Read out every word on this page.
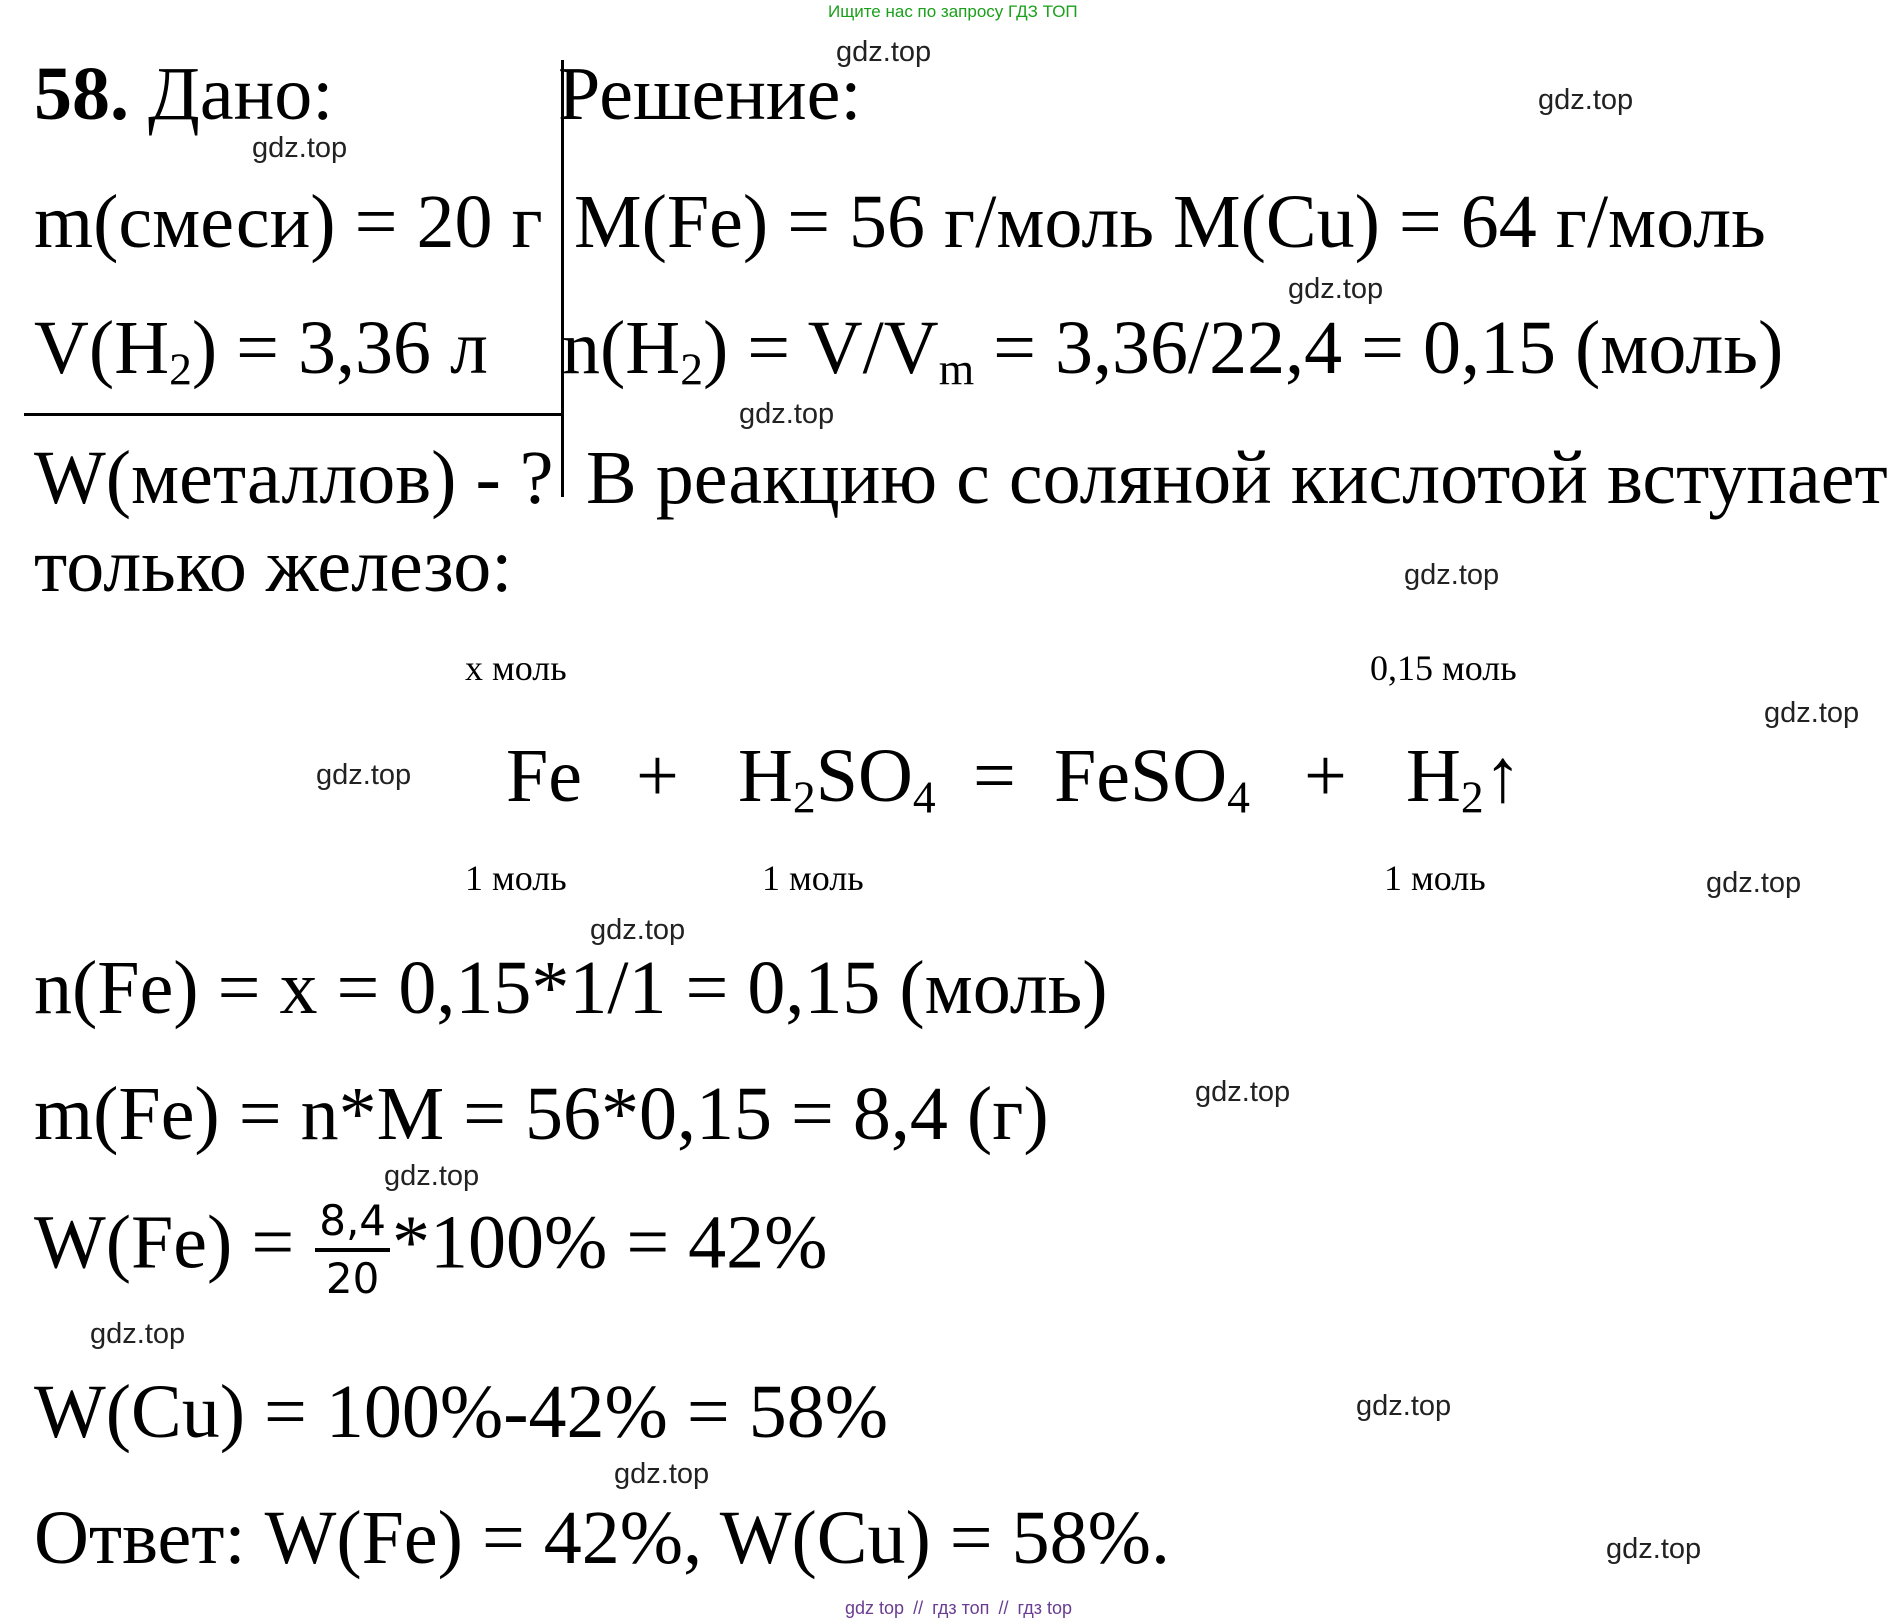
Ищите нас по запросу ГДЗ ТОП
gdz.top
gdz.top
gdz.top
gdz.top
gdz.top
gdz.top
gdz.top
gdz.top
gdz.top
gdz.top
gdz.top
gdz.top
gdz.top
gdz.top
gdz.top
gdz.top
58. Дано:
m(смеси) = 20 г
$V(H_2) = 3,36$ л
W(металлов) - ?
Решение:
M(Fe) = 56 г/моль M(Cu) = 64 г/моль
$n(H_2) = V/V_m = 3,36/22,4 = 0,15$ (моль)
В реакцию с соляной кислотой вступает
только железо:
x моль	0,15 моль
$Fe + H_2SO_4$ = FeSO$_4$ + $H_2↑$
1 моль	1 моль	1 моль
n(Fe) = x = 0,15*1/1 = 0,15 (моль)
m(Fe) = n*M = 56*0,15 = 8,4 (г)
$W(Fe) = \frac{8,4}{20} *100\% = 42\%$
W(Cu) = 100%-42% = 58%
Ответ: W(Fe) = 42%, W(Cu) = 58%.
gdz top // гдз топ // гдз top
